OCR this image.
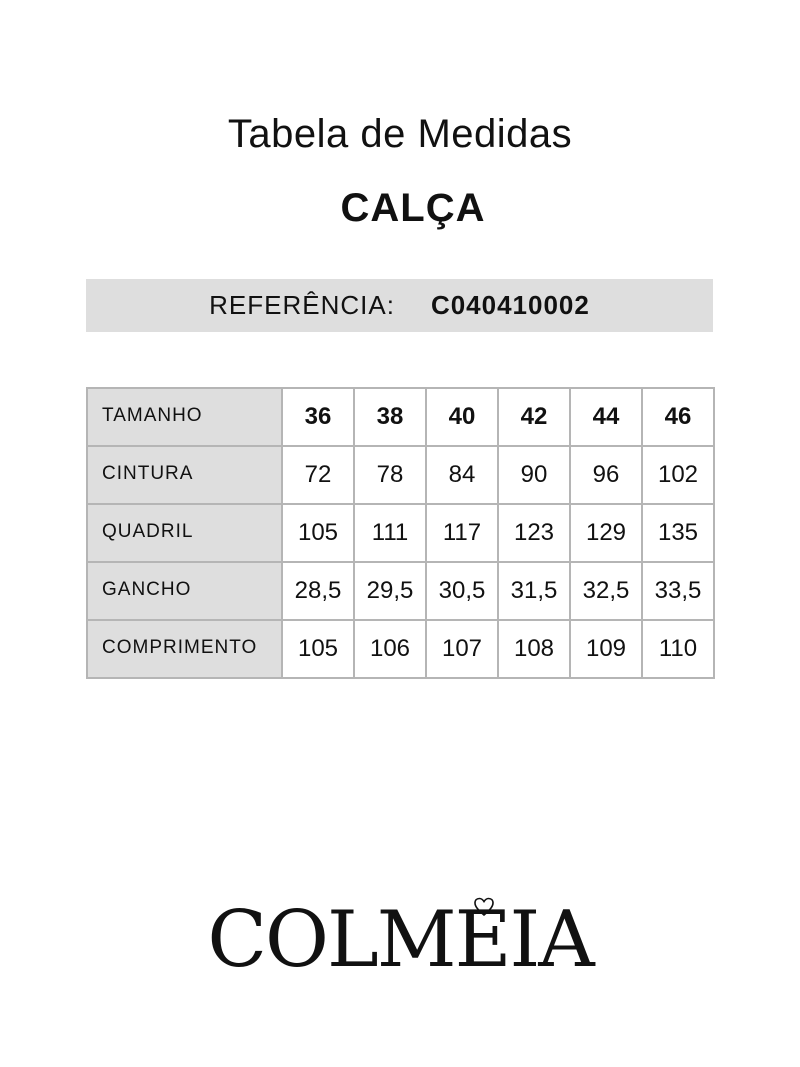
Tabela de Medidas
CALÇA
REFERÊNCIA: C040410002
TAMANHO	36	38	40	42	44	46
CINTURA	72	78	84	90	96	102
QUADRIL	105	111	117	123	129	135
GANCHO	28,5	29,5	30,5	31,5	32,5	33,5
COMPRIMENTO	105	106	107	108	109	110
COLMEIA
